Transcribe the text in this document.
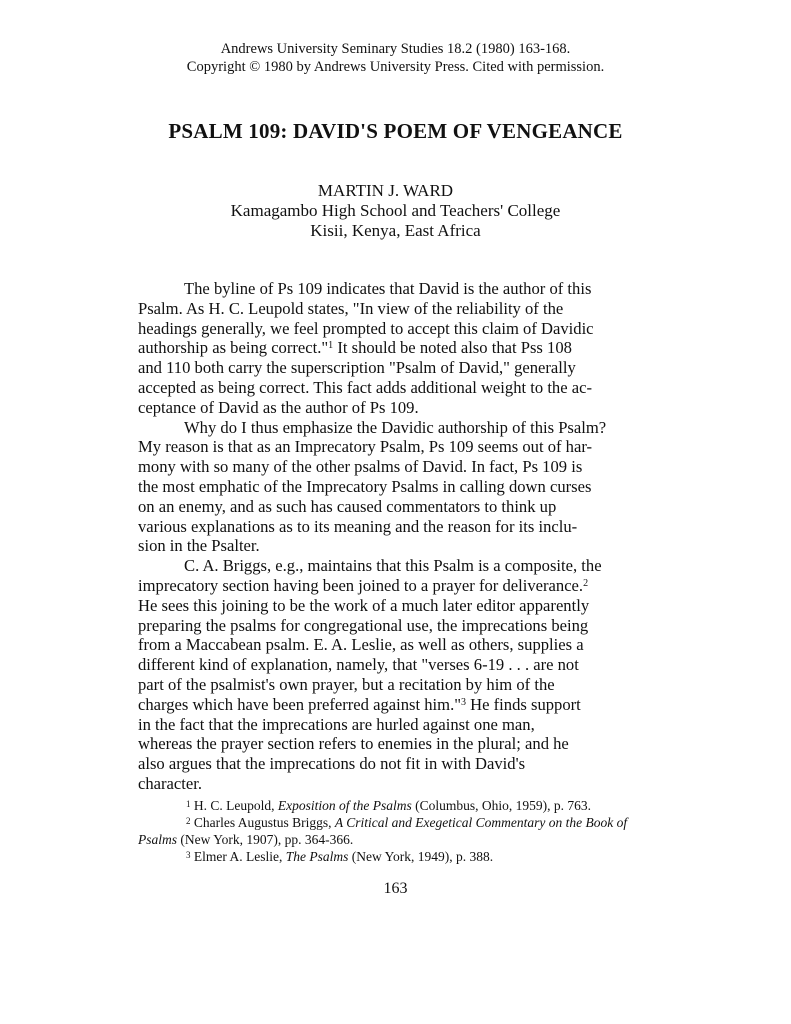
Andrews University Seminary Studies 18.2 (1980) 163-168.
Copyright © 1980 by Andrews University Press. Cited with permission.
PSALM 109: DAVID'S POEM OF VENGEANCE
MARTIN J. WARD
Kamagambo High School and Teachers' College
Kisii, Kenya, East Africa
The byline of Ps 109 indicates that David is the author of this
Psalm. As H. C. Leupold states, "In view of the reliability of the
headings generally, we feel prompted to accept this claim of Davidic
authorship as being correct."$^1$ It should be noted also that Pss 108
and 110 both carry the superscription "Psalm of David," generally
accepted as being correct. This fact adds additional weight to the ac-
ceptance of David as the author of Ps 109.
Why do I thus emphasize the Davidic authorship of this Psalm?
My reason is that as an Imprecatory Psalm, Ps 109 seems out of har-
mony with so many of the other psalms of David. In fact, Ps 109 is
the most emphatic of the Imprecatory Psalms in calling down curses
on an enemy, and as such has caused commentators to think up
various explanations as to its meaning and the reason for its inclu-
sion in the Psalter.
C. A. Briggs, e.g., maintains that this Psalm is a composite, the
imprecatory section having been joined to a prayer for deliverance.$^2$
He sees this joining to be the work of a much later editor apparently
preparing the psalms for congregational use, the imprecations being
from a Maccabean psalm. E. A. Leslie, as well as others, supplies a
different kind of explanation, namely, that "verses 6-19 . . . are not
part of the psalmist's own prayer, but a recitation by him of the
charges which have been preferred against him."$^3$ He finds support
in the fact that the imprecations are hurled against one man,
whereas the prayer section refers to enemies in the plural; and he
also argues that the imprecations do not fit in with David's
character.
$^1$ H. C. Leupold, Exposition of the Psalms (Columbus, Ohio, 1959), p. 763.
$^2$ Charles Augustus Briggs, A Critical and Exegetical Commentary on the Book of
Psalms (New York, 1907), pp. 364-366.
$^3$ Elmer A. Leslie, The Psalms (New York, 1949), p. 388.
163
